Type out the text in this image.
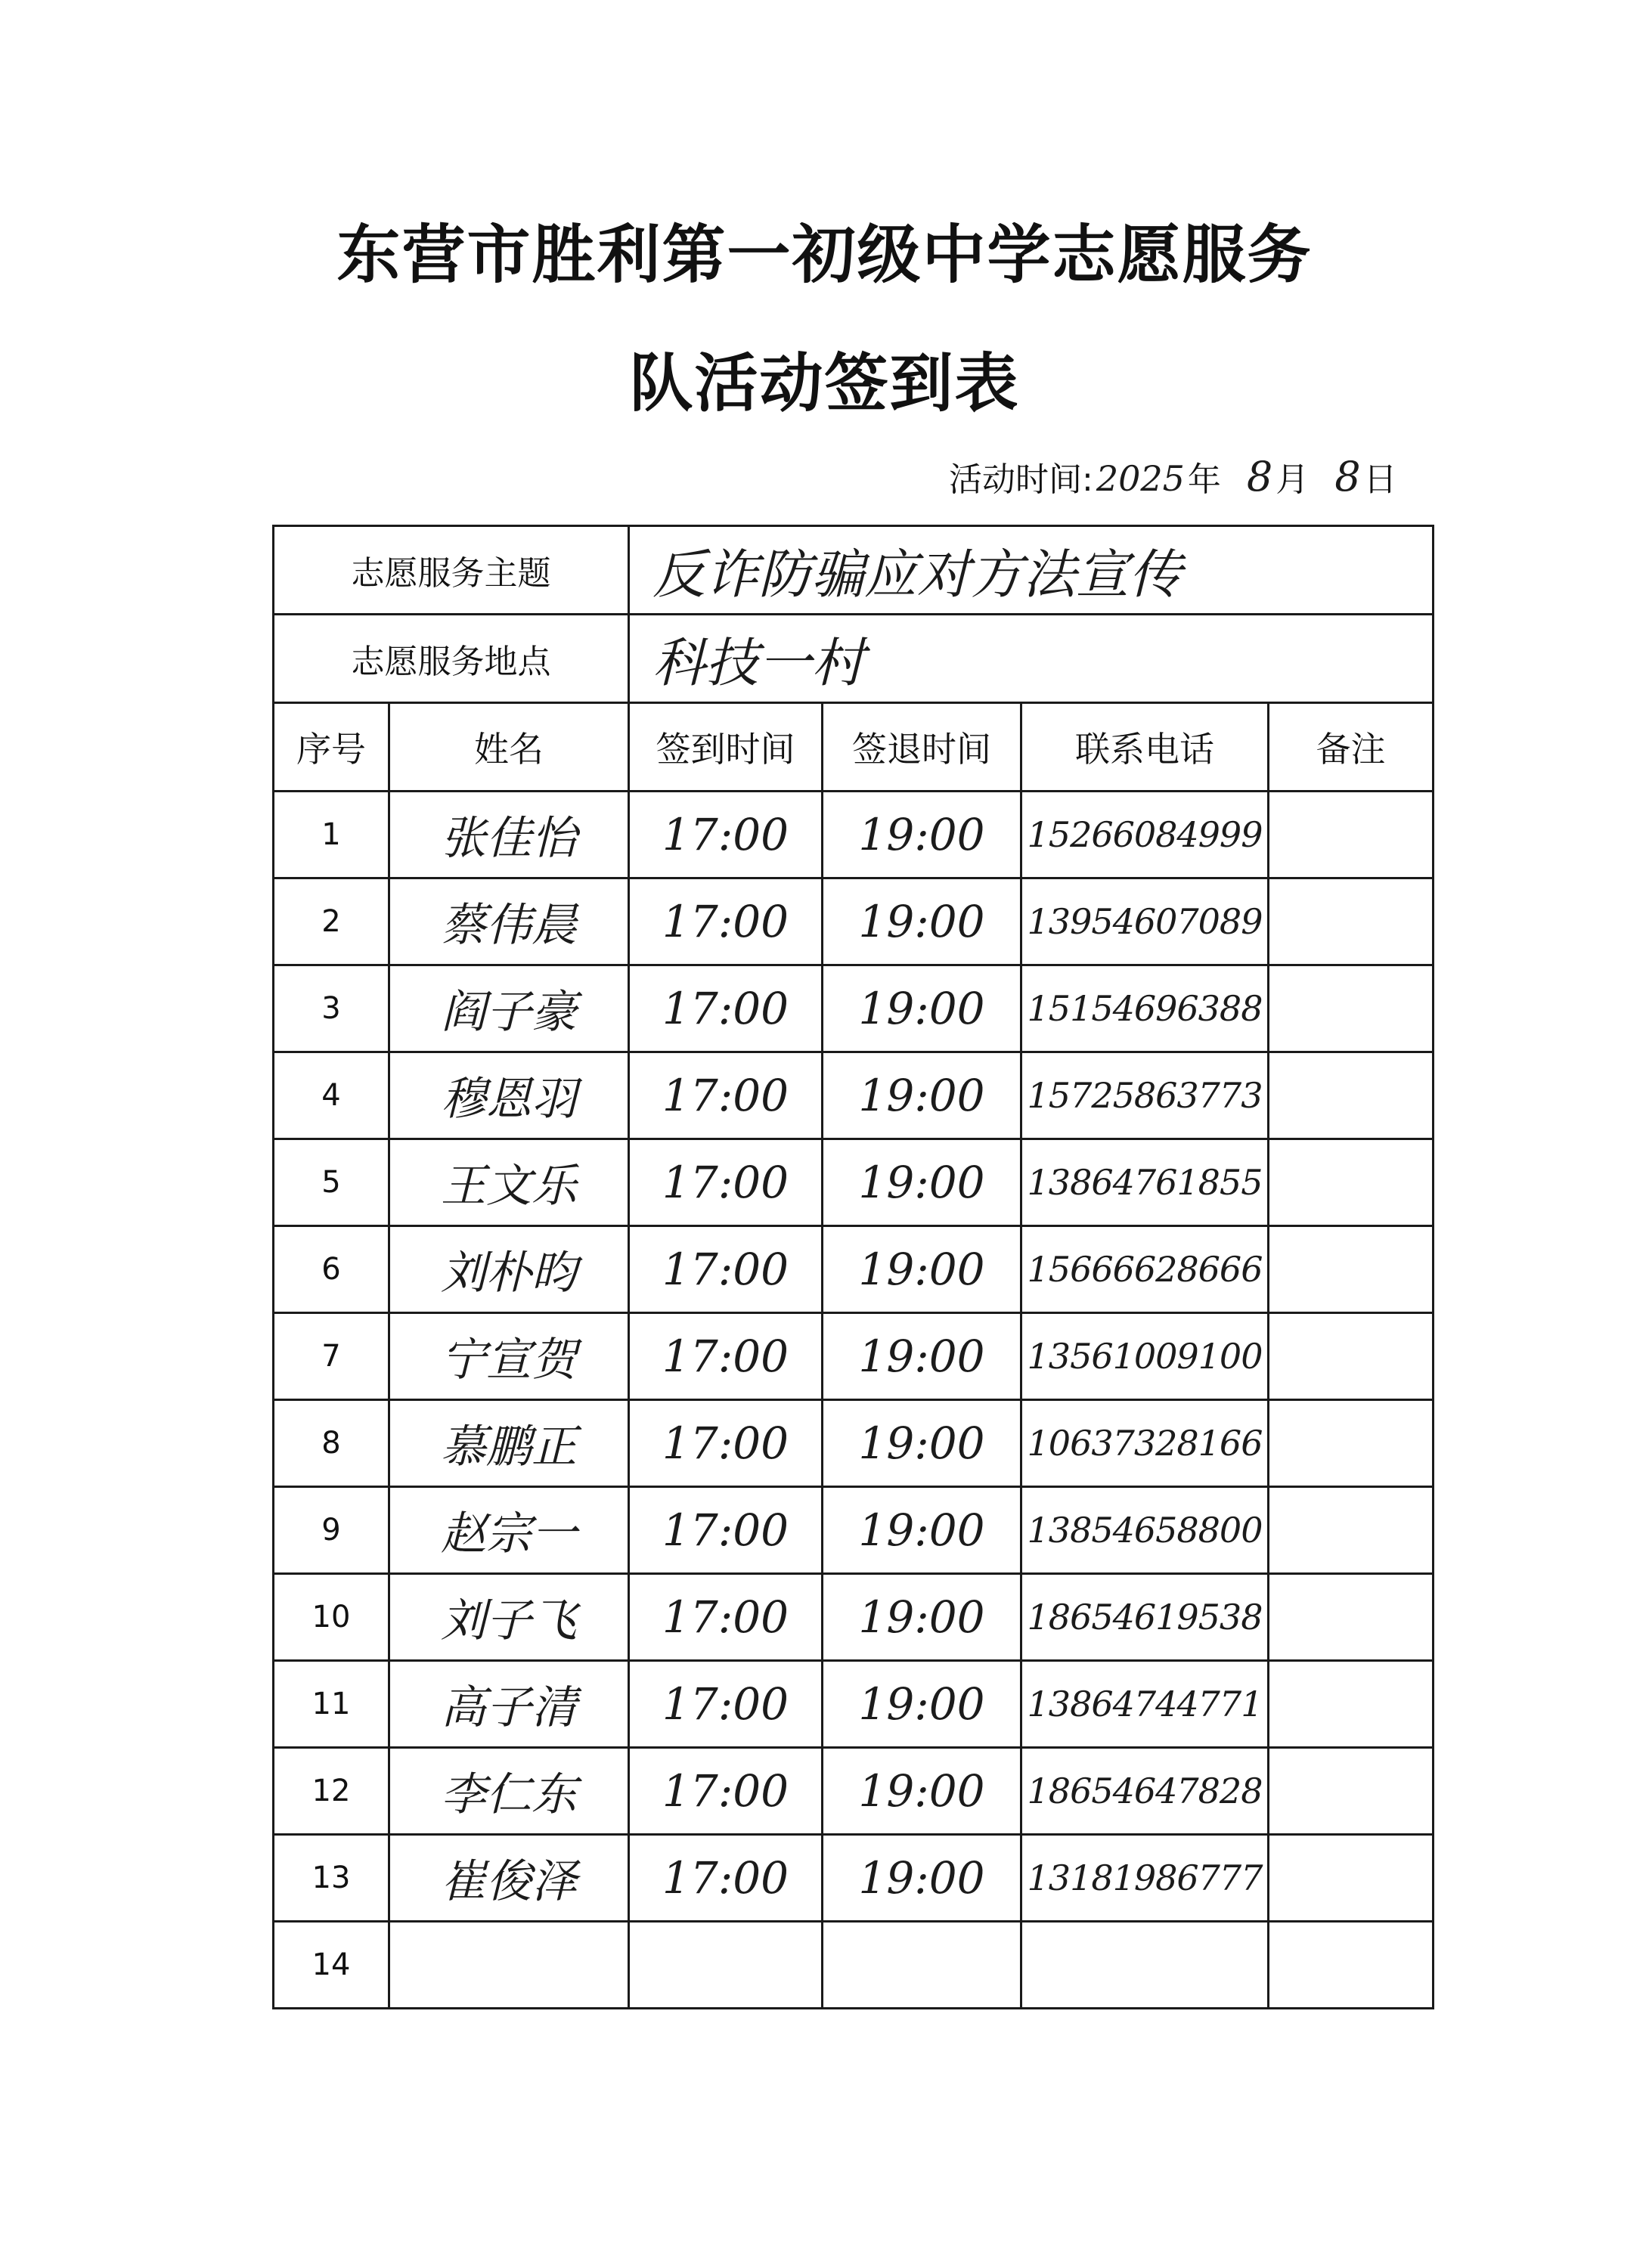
东营市胜利第一初级中学志愿服务
队活动签到表
活动时间: 2025 年 8 月 8 日
志愿服务主题		反诈防骗应对方法宣传			
志愿服务地点		科技一村			
序号	姓名	签到时间	签退时间	联系电话	备注
1	张佳怡	17:00	19:00	15266084999	
2	蔡伟晨	17:00	19:00	13954607089	
3	阎子豪	17:00	19:00	15154696388	
4	穆恩羽	17:00	19:00	15725863773	
5	王文乐	17:00	19:00	13864761855	
6	刘朴昀	17:00	19:00	15666628666	
7	宁宣贺	17:00	19:00	13561009100	
8	慕鹏正	17:00	19:00	10637328166	
9	赵宗一	17:00	19:00	13854658800	
10	刘子飞	17:00	19:00	18654619538	
11	高子清	17:00	19:00	13864744771	
12	李仁东	17:00	19:00	18654647828	
13	崔俊泽	17:00	19:00	13181986777	
14					
